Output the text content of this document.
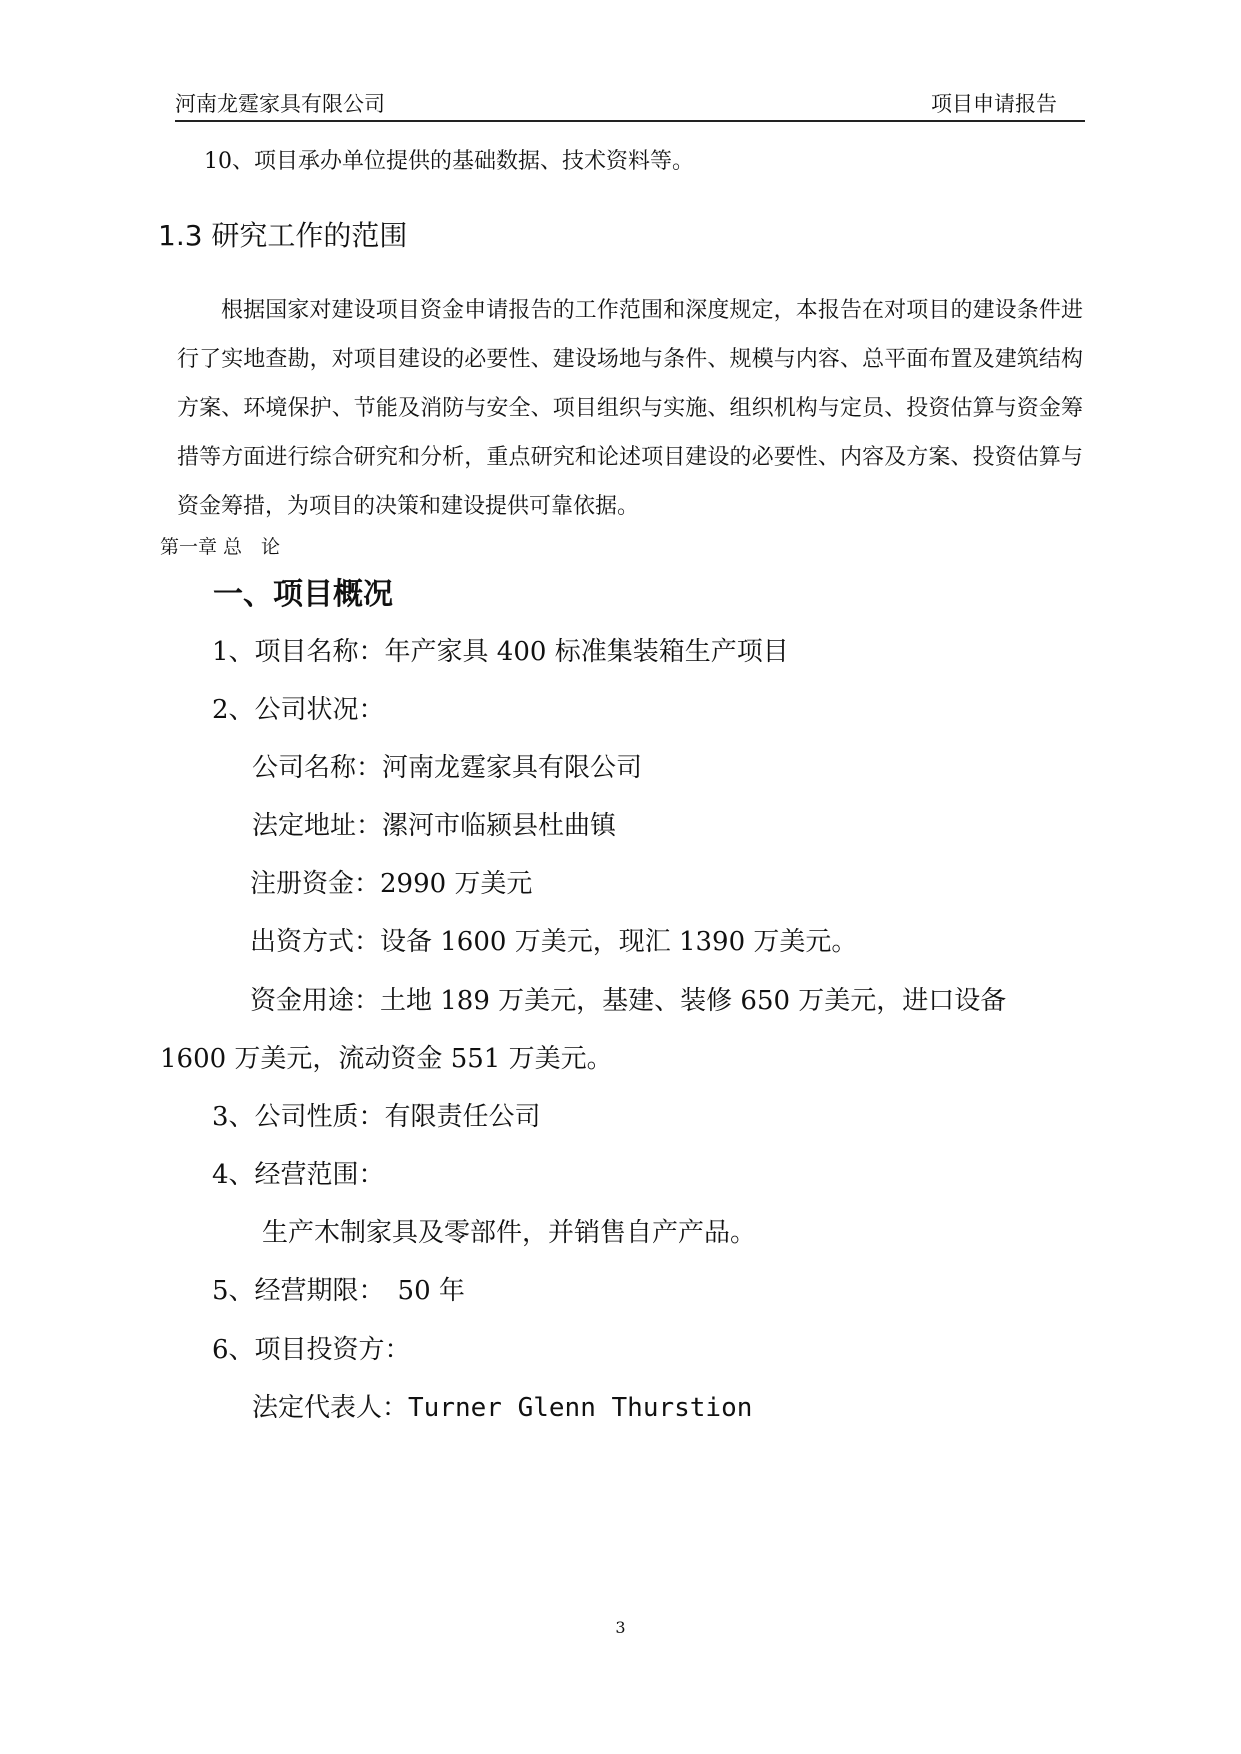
河南龙霆家具有限公司	项目申请报告
10、项目承办单位提供的基础数据、技术资料等。
1.3 研究工作的范围
根据国家对建设项目资金申请报告的工作范围和深度规定，本报告在对项目的建设条件进行了实地查勘，对项目建设的必要性、建设场地与条件、规模与内容、总平面布置及建筑结构方案、环境保护、节能及消防与安全、项目组织与实施、组织机构与定员、投资估算与资金筹措等方面进行综合研究和分析，重点研究和论述项目建设的必要性、内容及方案、投资估算与资金筹措，为项目的决策和建设提供可靠依据。
第一章 总　论
一、项目概况
1、项目名称：年产家具 400 标准集装箱生产项目
2、公司状况：
公司名称：河南龙霆家具有限公司
法定地址：漯河市临颍县杜曲镇
注册资金：2990 万美元
出资方式：设备 1600 万美元，现汇 1390 万美元。
资金用途：土地 189 万美元，基建、装修 650 万美元，进口设备
1600 万美元，流动资金 551 万美元。
3、公司性质：有限责任公司
4、经营范围：
生产木制家具及零部件，并销售自产产品。
5、经营期限：　50 年
6、项目投资方：
法定代表人：Turner Glenn Thurstion
3
